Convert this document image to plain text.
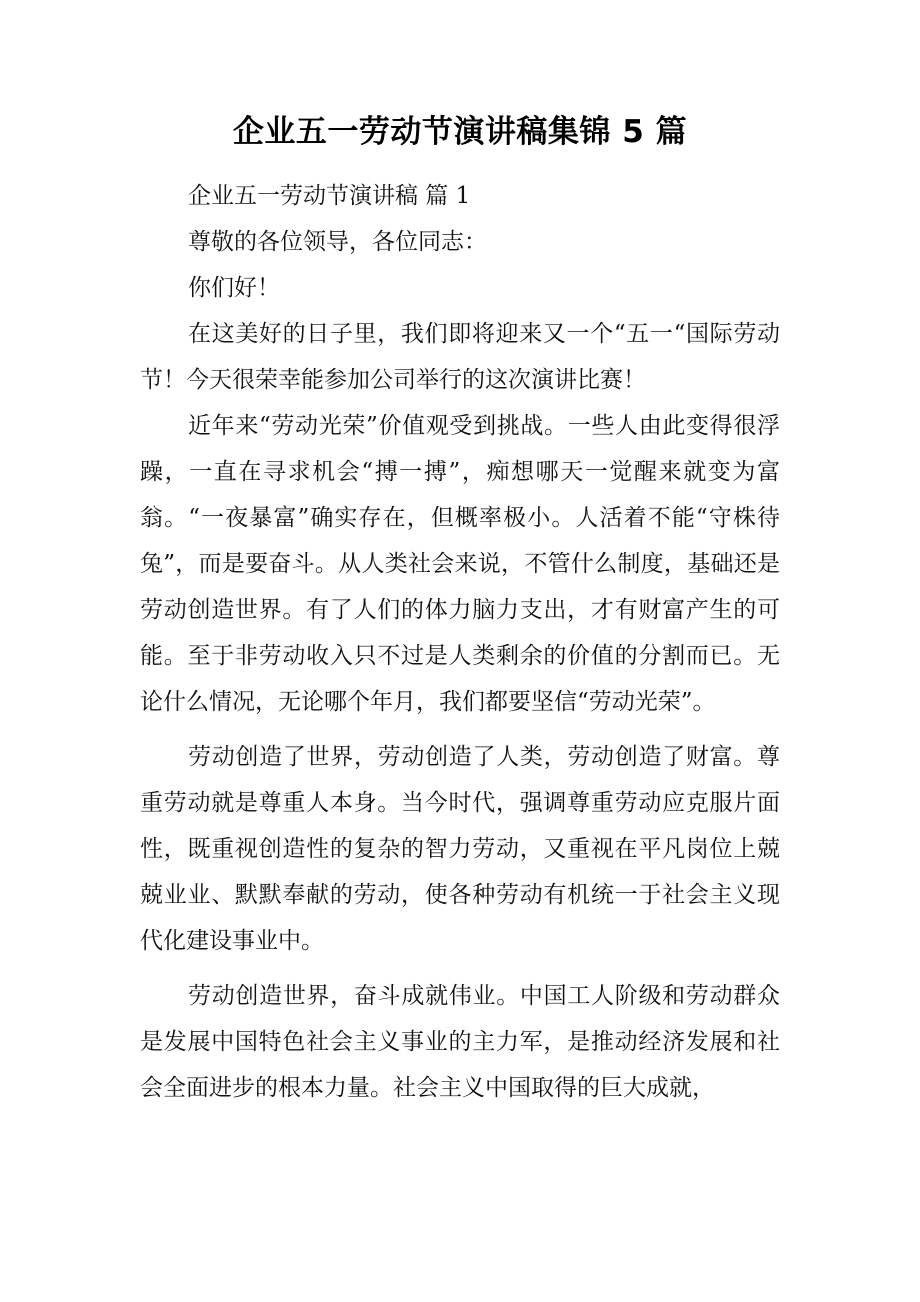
企业五一劳动节演讲稿集锦 5 篇

企业五一劳动节演讲稿 篇 1

尊敬的各位领导，各位同志：

你们好！

在这美好的日子里，我们即将迎来又一个“五一“国际劳动节！今天很荣幸能参加公司举行的这次演讲比赛！

近年来“劳动光荣”价值观受到挑战。一些人由此变得很浮躁，一直在寻求机会“搏一搏”，痴想哪天一觉醒来就变为富翁。“一夜暴富”确实存在，但概率极小。人活着不能“守株待兔”，而是要奋斗。从人类社会来说，不管什么制度，基础还是劳动创造世界。有了人们的体力脑力支出，才有财富产生的可能。至于非劳动收入只不过是人类剩余的价值的分割而已。无论什么情况，无论哪个年月，我们都要坚信“劳动光荣”。

劳动创造了世界，劳动创造了人类，劳动创造了财富。尊重劳动就是尊重人本身。当今时代，强调尊重劳动应克服片面性，既重视创造性的复杂的智力劳动，又重视在平凡岗位上兢兢业业、默默奉献的劳动，使各种劳动有机统一于社会主义现代化建设事业中。

劳动创造世界，奋斗成就伟业。中国工人阶级和劳动群众是发展中国特色社会主义事业的主力军，是推动经济发展和社会全面进步的根本力量。社会主义中国取得的巨大成就，
